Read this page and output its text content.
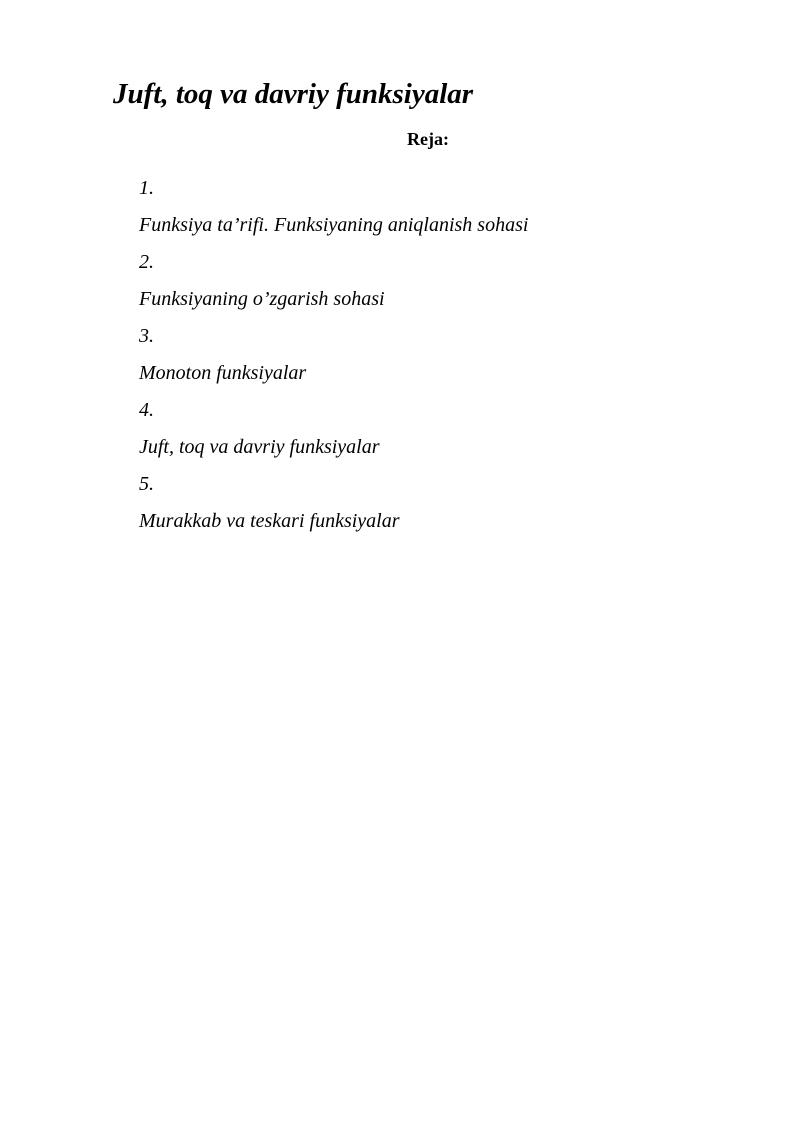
Juft, toq va davriy funksiyalar

Reja:

1.
Funksiya ta’rifi. Funksiyaning aniqlanish sohasi
2.
Funksiyaning o’zgarish sohasi
3.
Monoton funksiyalar
4.
Juft, toq va davriy funksiyalar
5.
Murakkab va teskari funksiyalar
